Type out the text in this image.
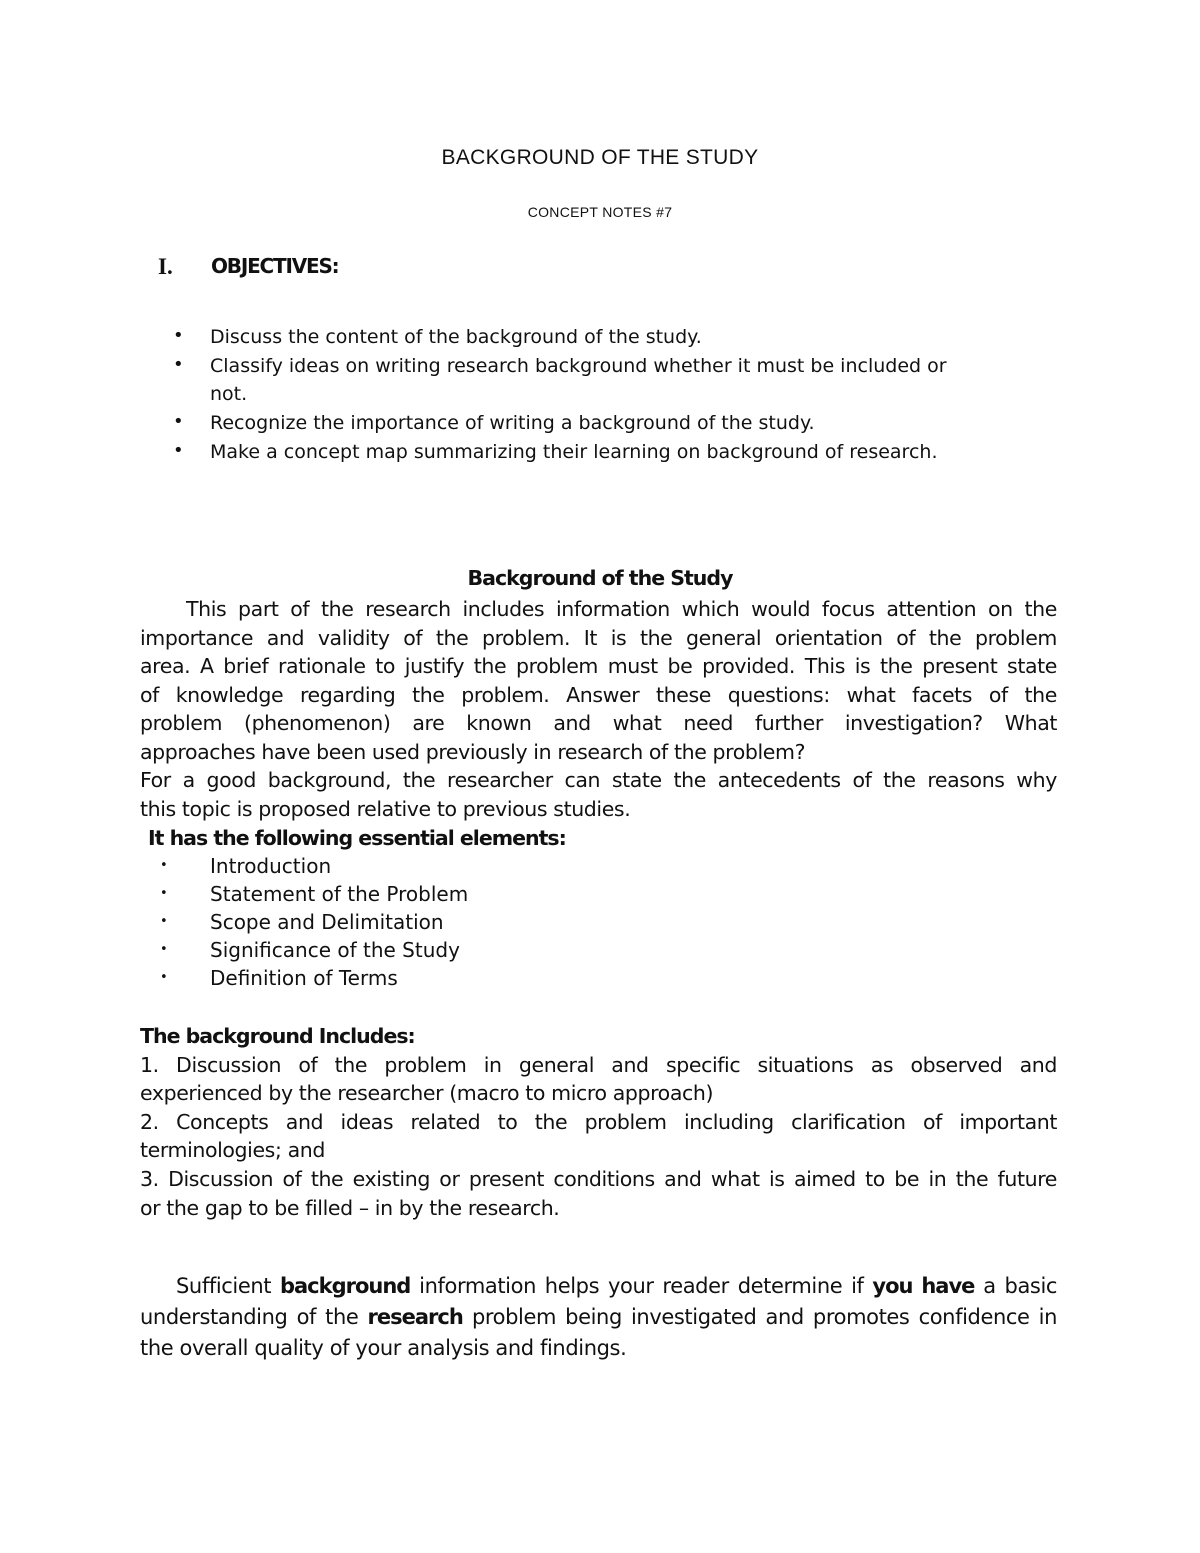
BACKGROUND OF THE STUDY
CONCEPT NOTES #7
I. OBJECTIVES:
• Discuss the content of the background of the study.
• Classify ideas on writing research background whether it must be included or
not.
• Recognize the importance of writing a background of the study.
• Make a concept map summarizing their learning on background of research.
Background of the Study
This part of the research includes information which would focus attention on the
importance and validity of the problem. It is the general orientation of the problem
area. A brief rationale to justify the problem must be provided. This is the present state
of knowledge regarding the problem. Answer these questions: what facets of the
problem (phenomenon) are known and what need further investigation? What
approaches have been used previously in research of the problem?
For a good background, the researcher can state the antecedents of the reasons why
this topic is proposed relative to previous studies.
It has the following essential elements:
• Introduction
• Statement of the Problem
• Scope and Delimitation
• Significance of the Study
• Definition of Terms
The background Includes:
1. Discussion of the problem in general and specific situations as observed and
experienced by the researcher (macro to micro approach)
2. Concepts and ideas related to the problem including clarification of important
terminologies; and
3. Discussion of the existing or present conditions and what is aimed to be in the future
or the gap to be filled – in by the research.
Sufficient background information helps your reader determine if you have a basic
understanding of the research problem being investigated and promotes confidence in
the overall quality of your analysis and findings.
